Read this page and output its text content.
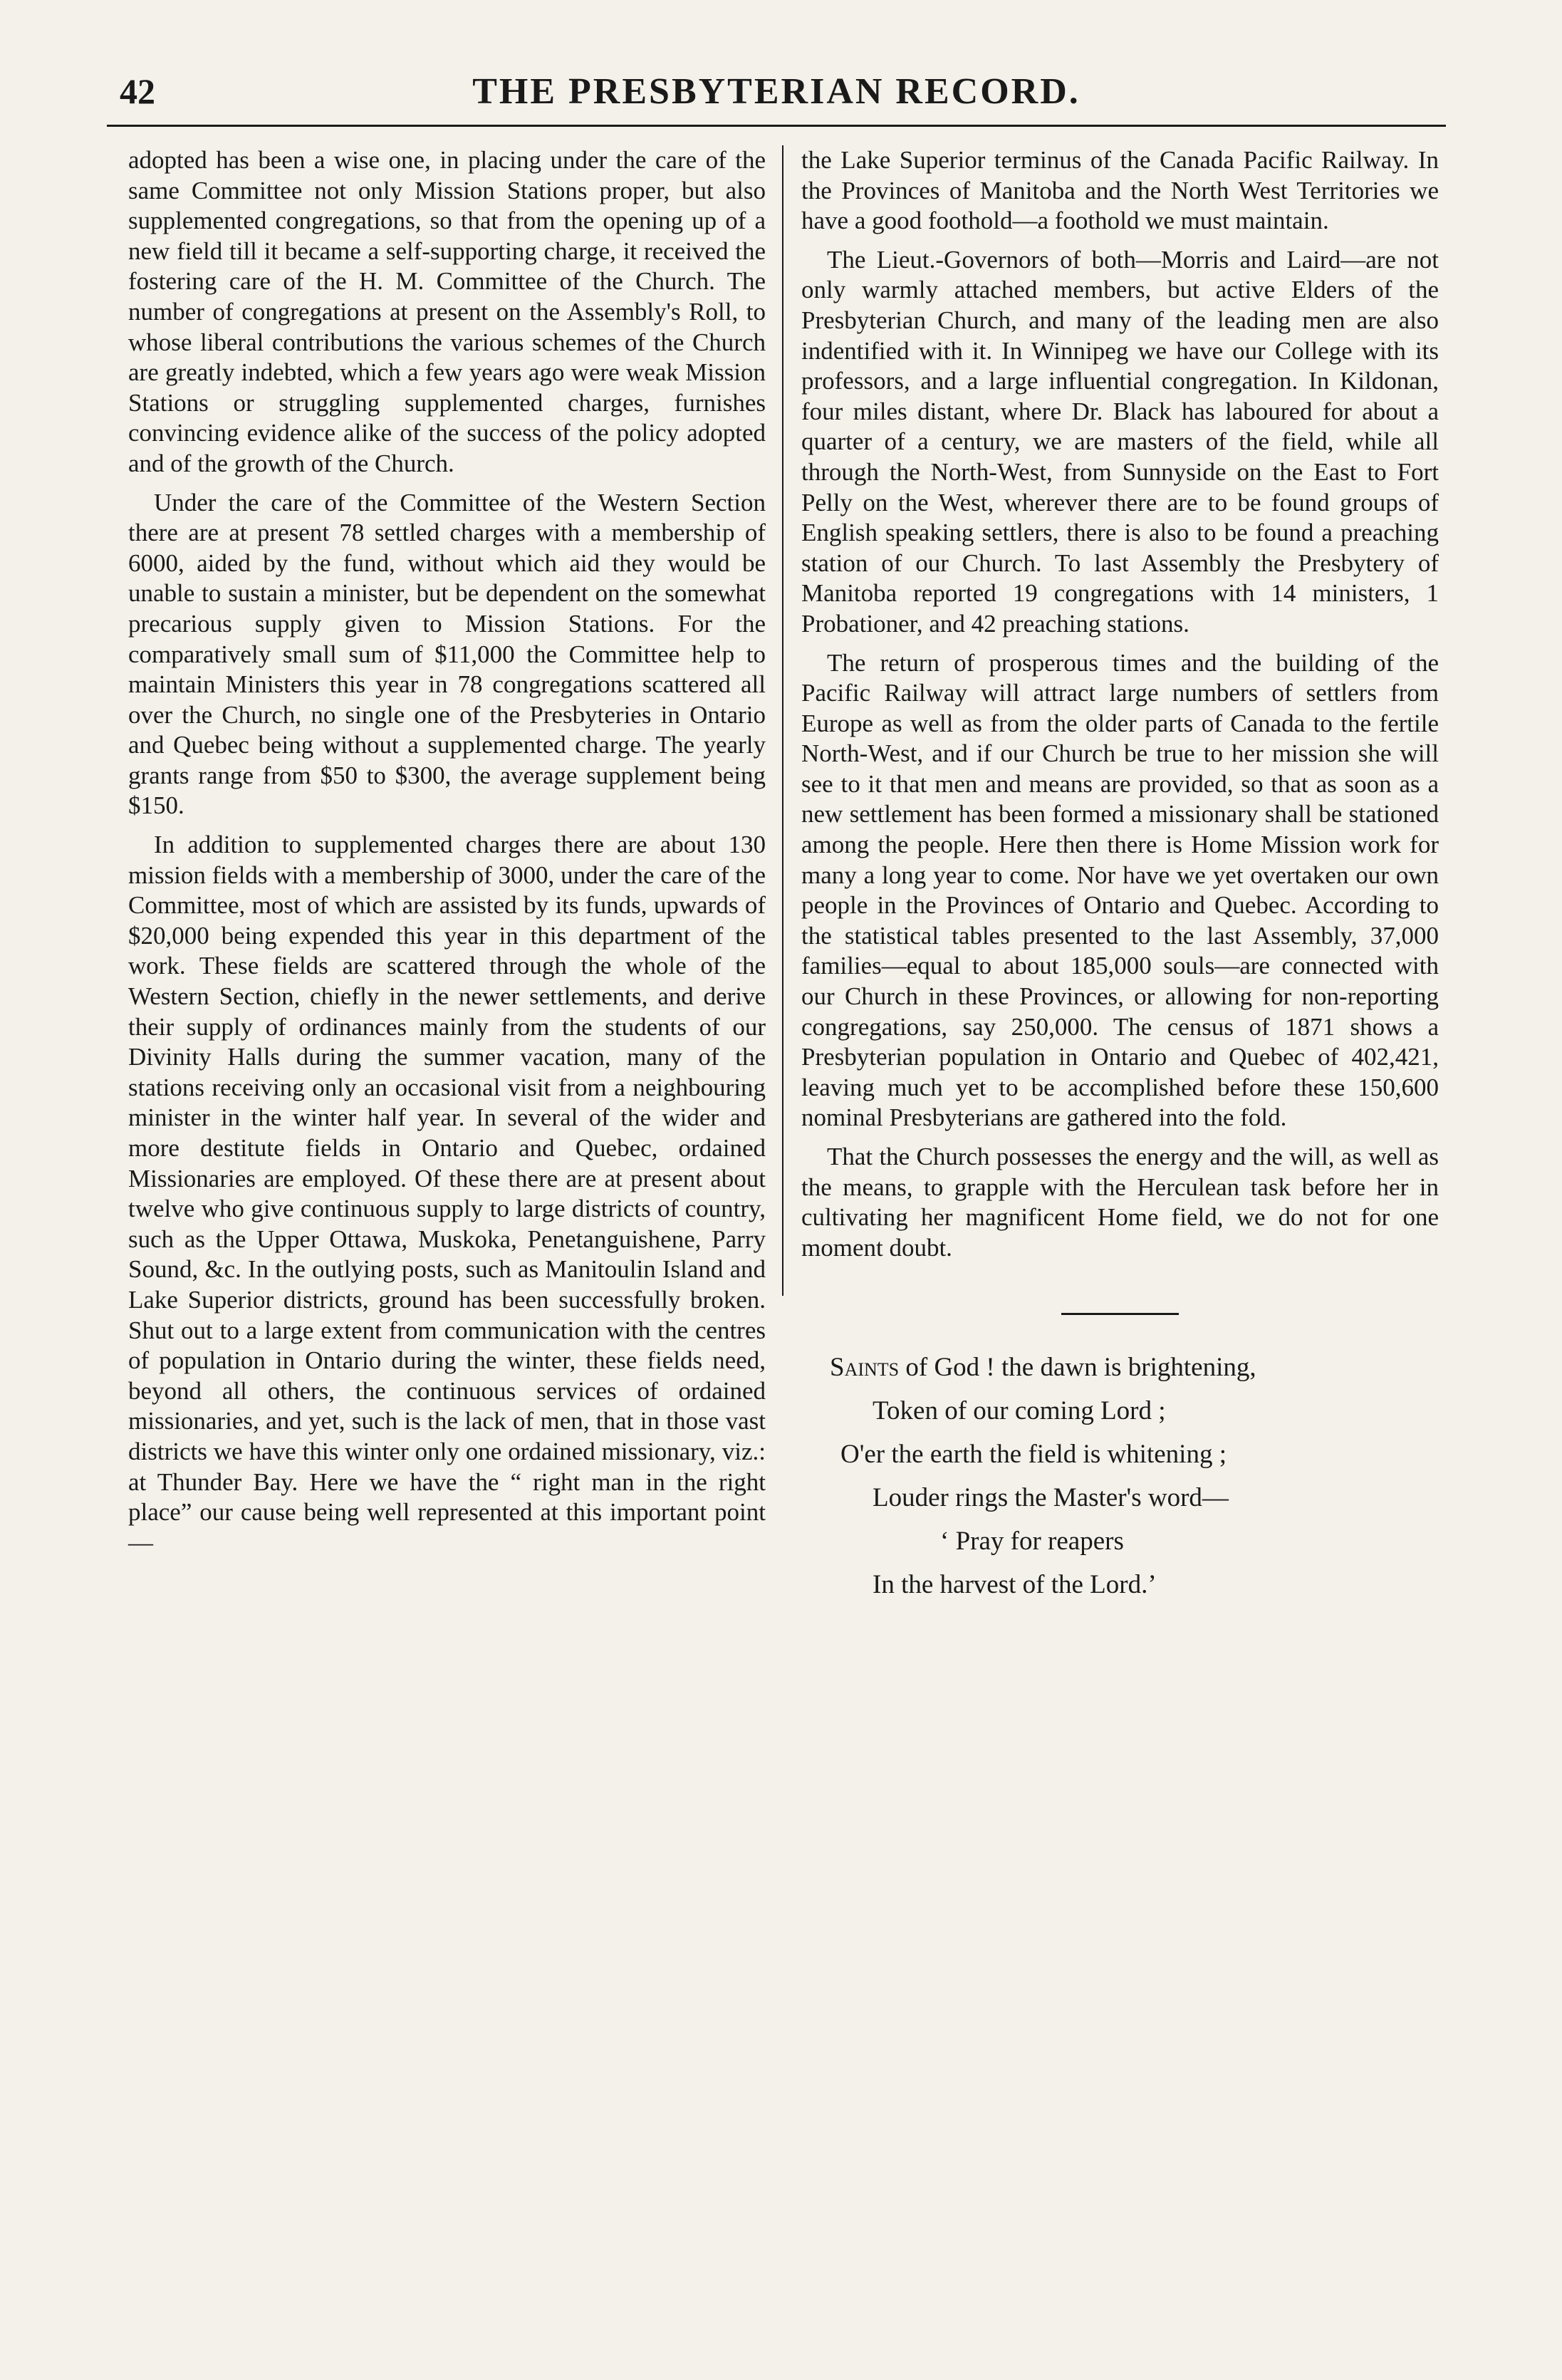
42	THE PRESBYTERIAN RECORD.

adopted has been a wise one, in placing under the care of the same Committee not only Mission Stations proper, but also supplemented congregations, so that from the opening up of a new field till it became a self-supporting charge, it received the fostering care of the H. M. Committee of the Church. The number of congregations at present on the Assembly's Roll, to whose liberal contributions the various schemes of the Church are greatly indebted, which a few years ago were weak Mission Stations or struggling supplemented charges, furnishes convincing evidence alike of the success of the policy adopted and of the growth of the Church.

Under the care of the Committee of the Western Section there are at present 78 settled charges with a membership of 6000, aided by the fund, without which aid they would be unable to sustain a minister, but be dependent on the somewhat precarious supply given to Mission Stations. For the comparatively small sum of $11,000 the Committee help to maintain Ministers this year in 78 congregations scattered all over the Church, no single one of the Presbyteries in Ontario and Quebec being without a supplemented charge. The yearly grants range from $50 to $300, the average supplement being $150.

In addition to supplemented charges there are about 130 mission fields with a membership of 3000, under the care of the Committee, most of which are assisted by its funds, upwards of $20,000 being expended this year in this department of the work. These fields are scattered through the whole of the Western Section, chiefly in the newer settlements, and derive their supply of ordinances mainly from the students of our Divinity Halls during the summer vacation, many of the stations receiving only an occasional visit from a neighbouring minister in the winter half year. In several of the wider and more destitute fields in Ontario and Quebec, ordained Missionaries are employed. Of these there are at present about twelve who give continuous supply to large districts of country, such as the Upper Ottawa, Muskoka, Penetanguishene, Parry Sound, &c. In the outlying posts, such as Manitoulin Island and Lake Superior districts, ground has been successfully broken. Shut out to a large extent from communication with the centres of population in Ontario during the winter, these fields need, beyond all others, the continuous services of ordained missionaries, and yet, such is the lack of men, that in those vast districts we have this winter only one ordained missionary, viz.: at Thunder Bay. Here we have the “ right man in the right place” our cause being well represented at this important point—

the Lake Superior terminus of the Canada Pacific Railway. In the Provinces of Manitoba and the North West Territories we have a good foothold—a foothold we must maintain.

The Lieut.-Governors of both—Morris and Laird—are not only warmly attached members, but active Elders of the Presbyterian Church, and many of the leading men are also indentified with it. In Winnipeg we have our College with its professors, and a large influential congregation. In Kildonan, four miles distant, where Dr. Black has laboured for about a quarter of a century, we are masters of the field, while all through the North-West, from Sunnyside on the East to Fort Pelly on the West, wherever there are to be found groups of English speaking settlers, there is also to be found a preaching station of our Church. To last Assembly the Presbytery of Manitoba reported 19 congregations with 14 ministers, 1 Probationer, and 42 preaching stations.

The return of prosperous times and the building of the Pacific Railway will attract large numbers of settlers from Europe as well as from the older parts of Canada to the fertile North-West, and if our Church be true to her mission she will see to it that men and means are provided, so that as soon as a new settlement has been formed a missionary shall be stationed among the people. Here then there is Home Mission work for many a long year to come. Nor have we yet overtaken our own people in the Provinces of Ontario and Quebec. According to the statistical tables presented to the last Assembly, 37,000 families—equal to about 185,000 souls—are connected with our Church in these Provinces, or allowing for non-reporting congregations, say 250,000. The census of 1871 shows a Presbyterian population in Ontario and Quebec of 402,421, leaving much yet to be accomplished before these 150,600 nominal Presbyterians are gathered into the fold.

That the Church possesses the energy and the will, as well as the means, to grapple with the Herculean task before her in cultivating her magnificent Home field, we do not for one moment doubt.

Saints of God ! the dawn is brightening,
Token of our coming Lord ;
O'er the earth the field is whitening ;
Louder rings the Master's word—
‘ Pray for reapers
In the harvest of the Lord.’
